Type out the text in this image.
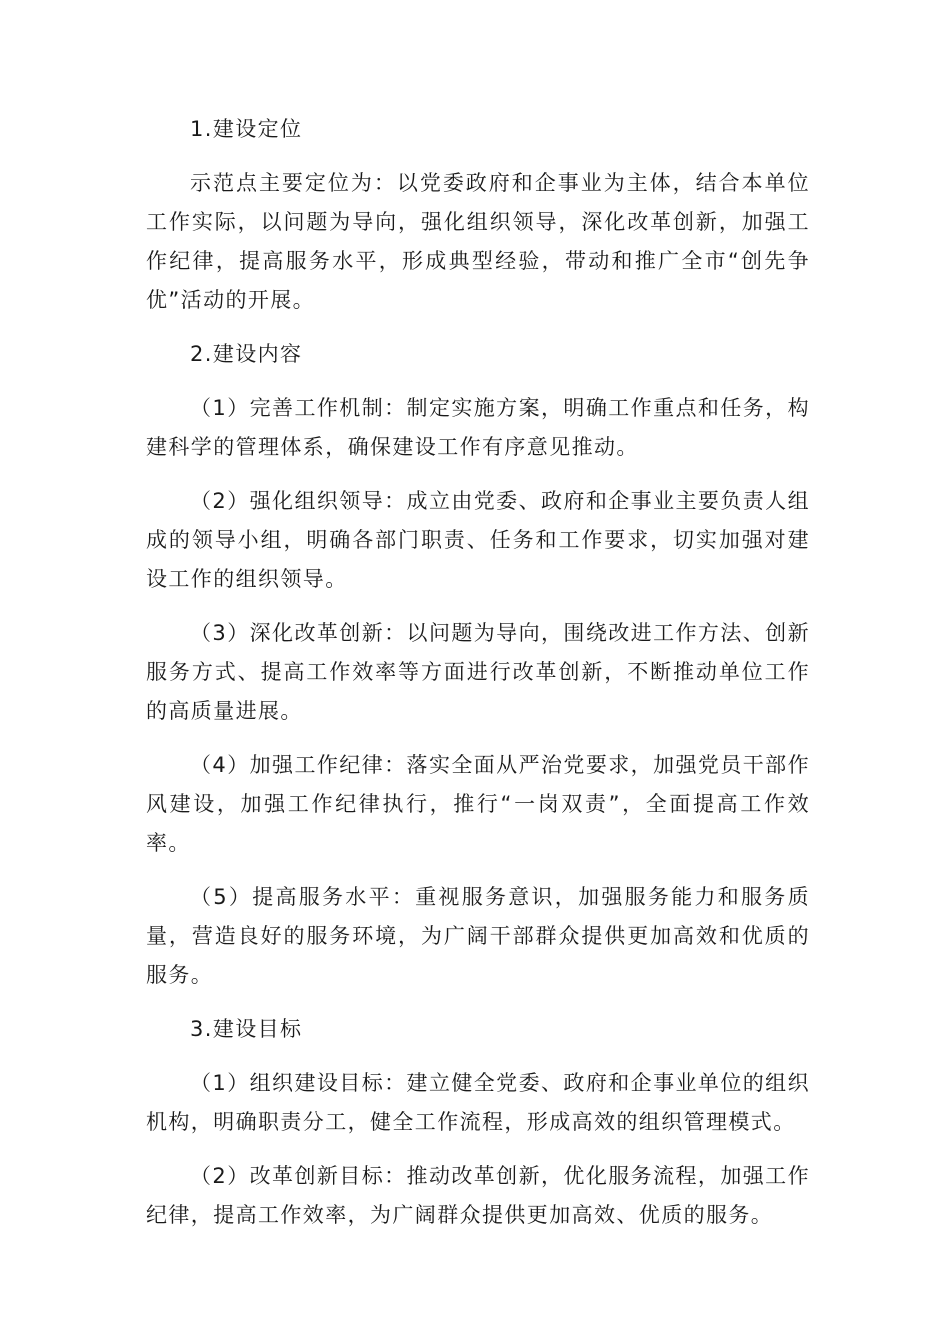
1.建设定位

示范点主要定位为：以党委政府和企事业为主体，结合本单位工作实际，以问题为导向，强化组织领导，深化改革创新，加强工作纪律，提高服务水平，形成典型经验，带动和推广全市“创先争优”活动的开展。

2.建设内容

（1）完善工作机制：制定实施方案，明确工作重点和任务，构建科学的管理体系，确保建设工作有序意见推动。

（2）强化组织领导：成立由党委、政府和企事业主要负责人组成的领导小组，明确各部门职责、任务和工作要求，切实加强对建设工作的组织领导。

（3）深化改革创新：以问题为导向，围绕改进工作方法、创新服务方式、提高工作效率等方面进行改革创新，不断推动单位工作的高质量进展。

（4）加强工作纪律：落实全面从严治党要求，加强党员干部作风建设，加强工作纪律执行，推行“一岗双责”，全面提高工作效率。

（5）提高服务水平：重视服务意识，加强服务能力和服务质量，营造良好的服务环境，为广阔干部群众提供更加高效和优质的服务。

3.建设目标

（1）组织建设目标：建立健全党委、政府和企事业单位的组织机构，明确职责分工，健全工作流程，形成高效的组织管理模式。

（2）改革创新目标：推动改革创新，优化服务流程，加强工作纪律，提高工作效率，为广阔群众提供更加高效、优质的服务。
